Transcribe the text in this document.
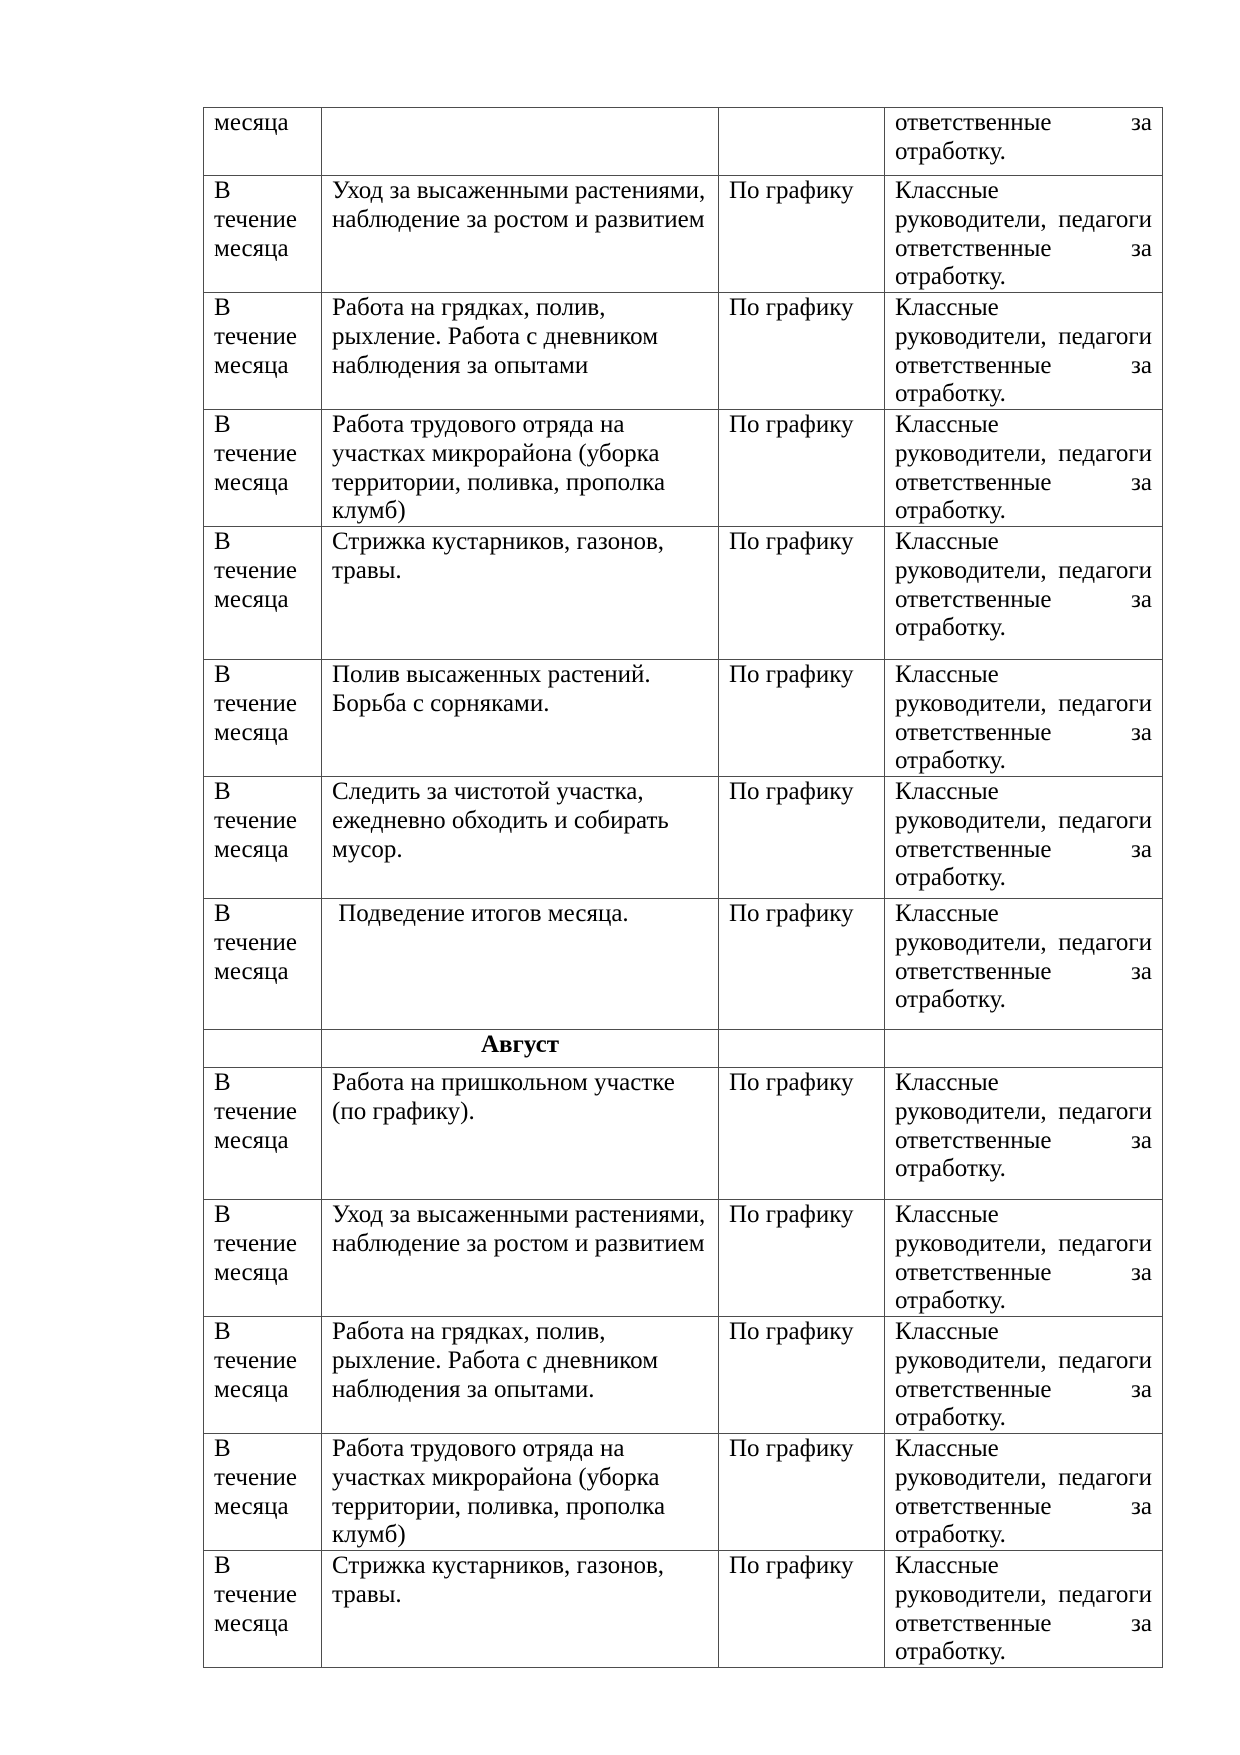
месяца			ответственные за отработку.
В течение месяца	Уход за высаженными растениями, наблюдение за ростом и развитием	По графику	Классные руководители, педагоги ответственные за отработку.
В течение месяца	Работа на грядках, полив, рыхление. Работа с дневником наблюдения за опытами	По графику	Классные руководители, педагоги ответственные за отработку.
В течение месяца	Работа трудового отряда на участках микрорайона (уборка территории, поливка, прополка клумб)	По графику	Классные руководители, педагоги ответственные за отработку.
В течение месяца	Стрижка кустарников, газонов, травы.	По графику	Классные руководители, педагоги ответственные за отработку.
В течение месяца	Полив высаженных растений. Борьба с сорняками.	По графику	Классные руководители, педагоги ответственные за отработку.
В течение месяца	Следить за чистотой участка, ежедневно обходить и собирать мусор.	По графику	Классные руководители, педагоги ответственные за отработку.
В течение месяца	Подведение итогов месяца.	По графику	Классные руководители, педагоги ответственные за отработку.
	Август		
В течение месяца	Работа на пришкольном участке (по графику).	По графику	Классные руководители, педагоги ответственные за отработку.
В течение месяца	Уход за высаженными растениями, наблюдение за ростом и развитием	По графику	Классные руководители, педагоги ответственные за отработку.
В течение месяца	Работа на грядках, полив, рыхление. Работа с дневником наблюдения за опытами.	По графику	Классные руководители, педагоги ответственные за отработку.
В течение месяца	Работа трудового отряда на участках микрорайона (уборка территории, поливка, прополка клумб)	По графику	Классные руководители, педагоги ответственные за отработку.
В течение месяца	Стрижка кустарников, газонов, травы.	По графику	Классные руководители, педагоги ответственные за отработку.
